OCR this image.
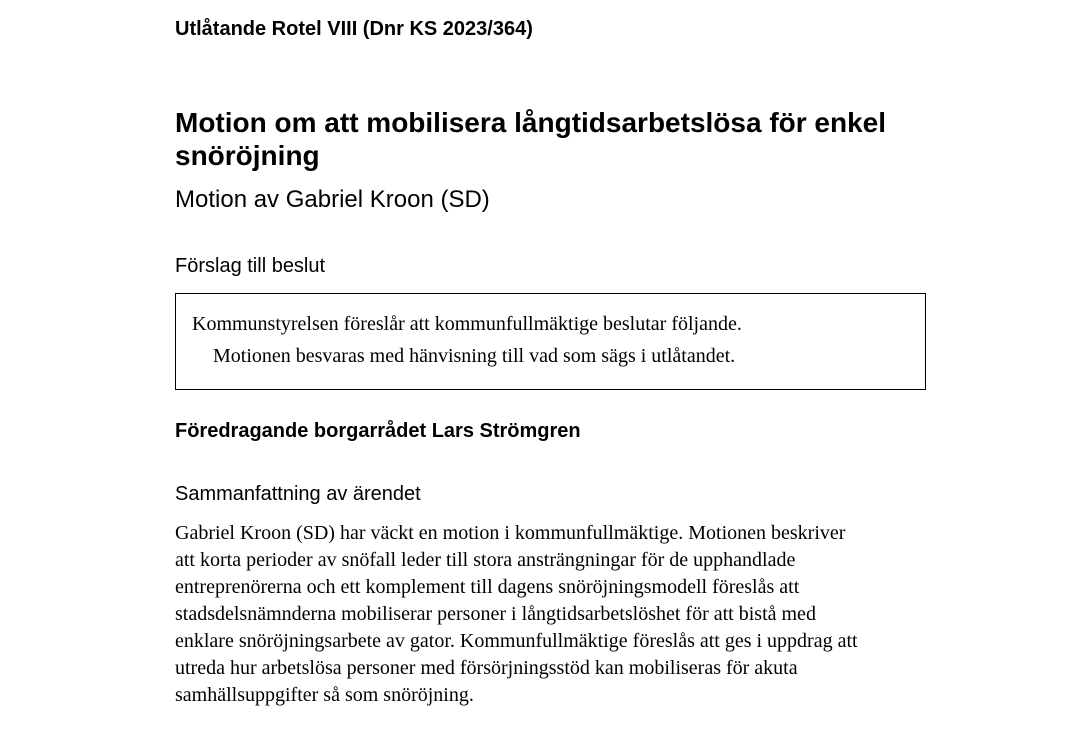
Utlåtande Rotel VIII (Dnr KS 2023/364)
Motion om att mobilisera långtidsarbetslösa för enkel snöröjning
Motion av Gabriel Kroon (SD)
Förslag till beslut
Kommunstyrelsen föreslår att kommunfullmäktige beslutar följande.
Motionen besvaras med hänvisning till vad som sägs i utlåtandet.
Föredragande borgarrådet Lars Strömgren
Sammanfattning av ärendet

Gabriel Kroon (SD) har väckt en motion i kommunfullmäktige. Motionen beskriver
att korta perioder av snöfall leder till stora ansträngningar för de upphandlade
entreprenörerna och ett komplement till dagens snöröjningsmodell föreslås att
stadsdelsnämnderna mobiliserar personer i långtidsarbetslöshet för att bistå med
enklare snöröjningsarbete av gator. Kommunfullmäktige föreslås att ges i uppdrag att
utreda hur arbetslösa personer med försörjningsstöd kan mobiliseras för akuta
samhällsuppgifter så som snöröjning.
